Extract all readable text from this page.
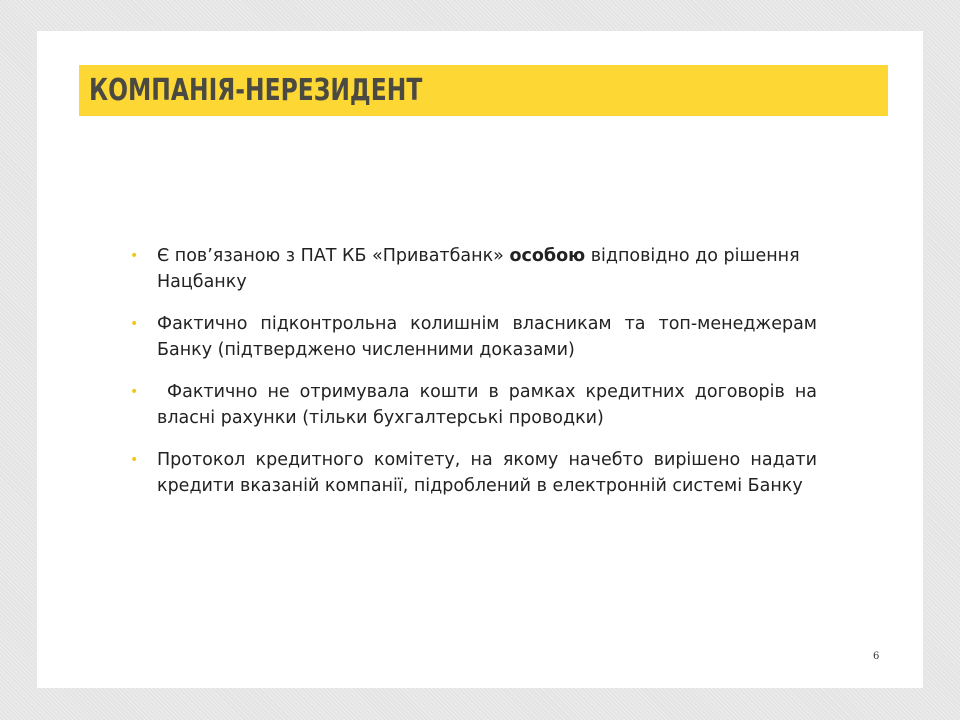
КОМПАНІЯ-НЕРЕЗИДЕНТ
• Є пов’язаною з ПАТ КБ «Приватбанк» особою відповідно до рішення Нацбанку
• Фактично підконтрольна колишнім власникам та топ-менеджерам Банку (підтверджено численними доказами)
• Фактично не отримувала кошти в рамках кредитних договорів на власні рахунки (тільки бухгалтерські проводки)
• Протокол кредитного комітету, на якому начебто вирішено надати кредити вказаній компанії, підроблений в електронній системі Банку
6
